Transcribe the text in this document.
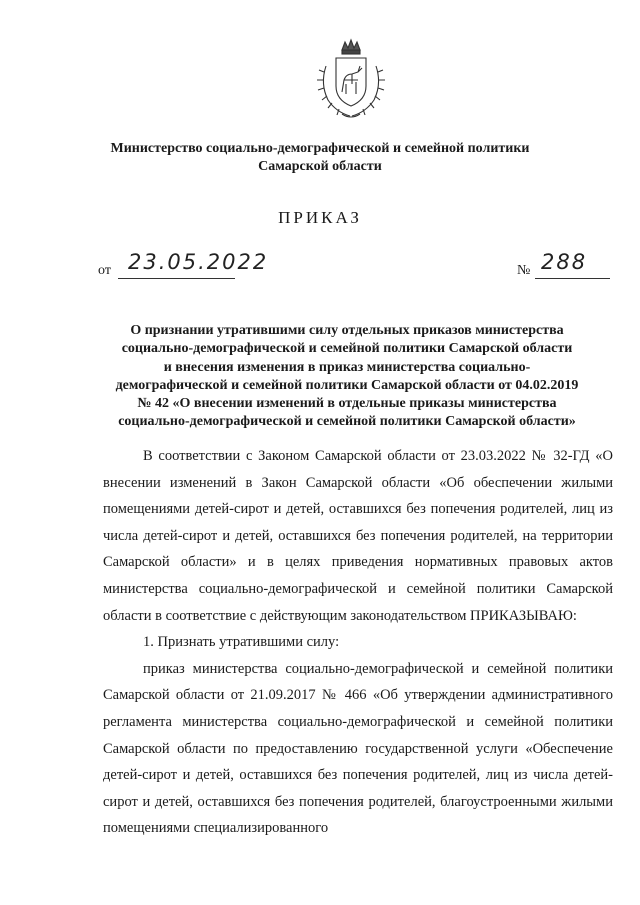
Министерство социально-демографической и семейной политики
Самарской области
ПРИКАЗ
от 23.05.2022	№ 288
О признании утратившими силу отдельных приказов министерства
социально-демографической и семейной политики Самарской области
и внесения изменения в приказ министерства социально-
демографической и семейной политики Самарской области от 04.02.2019
№ 42 «О внесении изменений в отдельные приказы министерства
социально-демографической и семейной политики Самарской области»

В соответствии с Законом Самарской области от 23.03.2022 № 32-ГД «О внесении изменений в Закон Самарской области «Об обеспечении жилыми помещениями детей-сирот и детей, оставшихся без попечения родителей, лиц из числа детей-сирот и детей, оставшихся без попечения родителей, на территории Самарской области» и в целях приведения нормативных правовых актов министерства социально-демографической и семейной политики Самарской области в соответствие с действующим законодательством ПРИКАЗЫВАЮ:

1. Признать утратившими силу:

приказ министерства социально-демографической и семейной политики Самарской области от 21.09.2017 № 466 «Об утверждении административного регламента министерства социально-демографической и семейной политики Самарской области по предоставлению государственной услуги «Обеспечение детей-сирот и детей, оставшихся без попечения родителей, лиц из числа детей-сирот и детей, оставшихся без попечения родителей, благоустроенными жилыми помещениями специализированного
